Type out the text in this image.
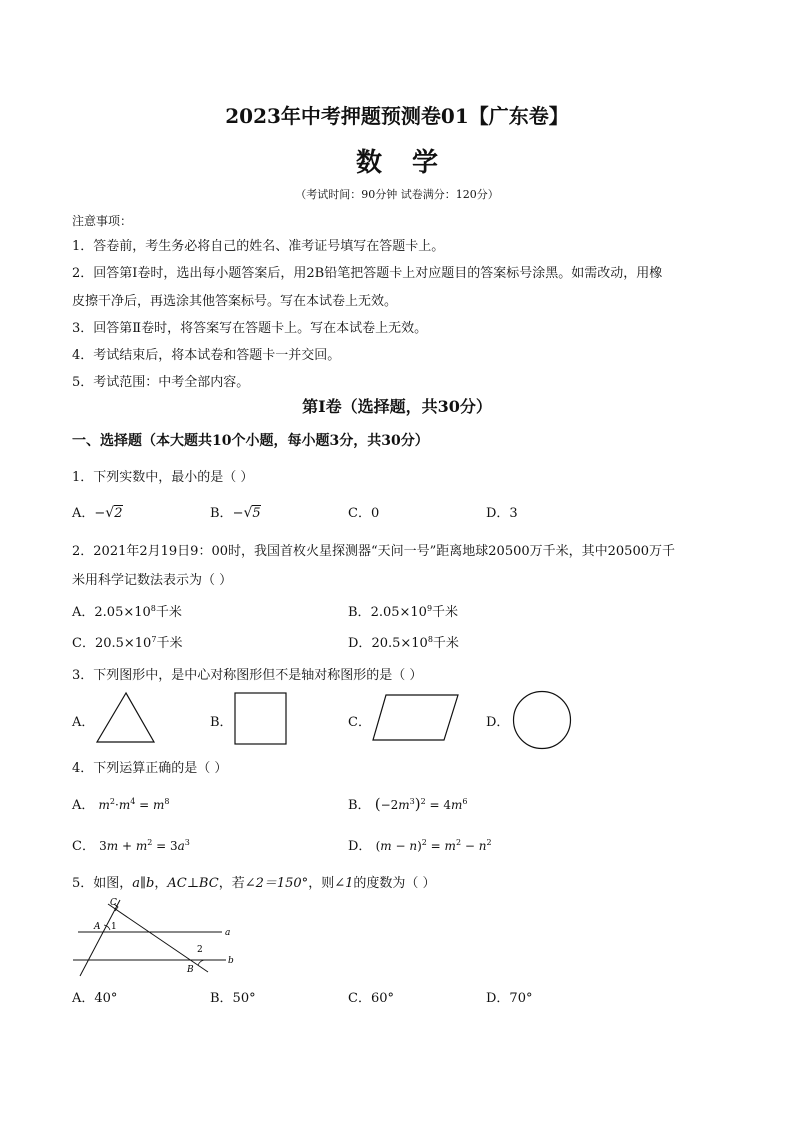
2023年中考押题预测卷01【广东卷】
数学
（考试时间：90分钟 试卷满分：120分）
注意事项：
1．答卷前，考生务必将自己的姓名、准考证号填写在答题卡上。
2．回答第Ⅰ卷时，选出每小题答案后，用2B铅笔把答题卡上对应题目的答案标号涂黑。如需改动，用橡
皮擦干净后，再选涂其他答案标号。写在本试卷上无效。
3．回答第Ⅱ卷时，将答案写在答题卡上。写在本试卷上无效。
4．考试结束后，将本试卷和答题卡一并交回。
5．考试范围：中考全部内容。
第Ⅰ卷（选择题，共30分）
一、选择题（本大题共10个小题，每小题3分，共30分）
1．下列实数中，最小的是（ ）
A．−√2	B．−√5	C．0	D．3
2．2021年2月19日9：00时，我国首枚火星探测器“天问一号”距离地球20500万千米，其中20500万千
米用科学记数法表示为（ ）
A．$2.05\times 10^8$千米	B．$2.05\times 10^9$千米
C．$20.5\times 10^7$千米	D．$20.5\times 10^8$千米
3．下列图形中，是中心对称图形但不是轴对称图形的是（ ）
A．	B．	C．	D．
4．下列运算正确的是（ ）
A． $m^2\cdot m^4 = m^8$	B． $(-2m^3)^2 = 4m^6$
C． $3m + m^2 = 3a^3$	D． $(m - n)^2 = m^2 - n^2$
5．如图，a∥b，AC⊥BC，若∠2＝150°，则∠1的度数为（ ）
C
A 1
2
B
a
b
A．40°	B．50°	C．60°	D．70°
